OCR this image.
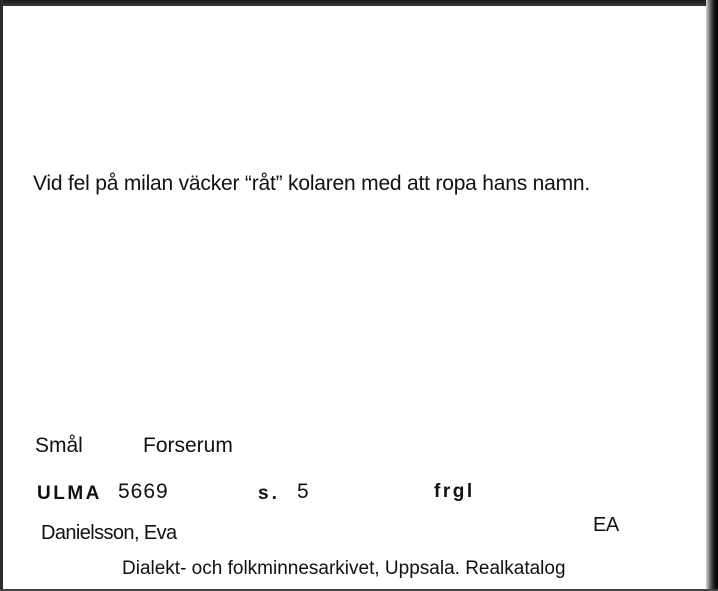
Vid fel på milan väcker “råt” kolaren med att ropa hans namn.
Smål	Forserum
ULMA 5669	s. 5	frgl
Danielsson, Eva	EA
Dialekt- och folkminnesarkivet, Uppsala. Realkatalog
